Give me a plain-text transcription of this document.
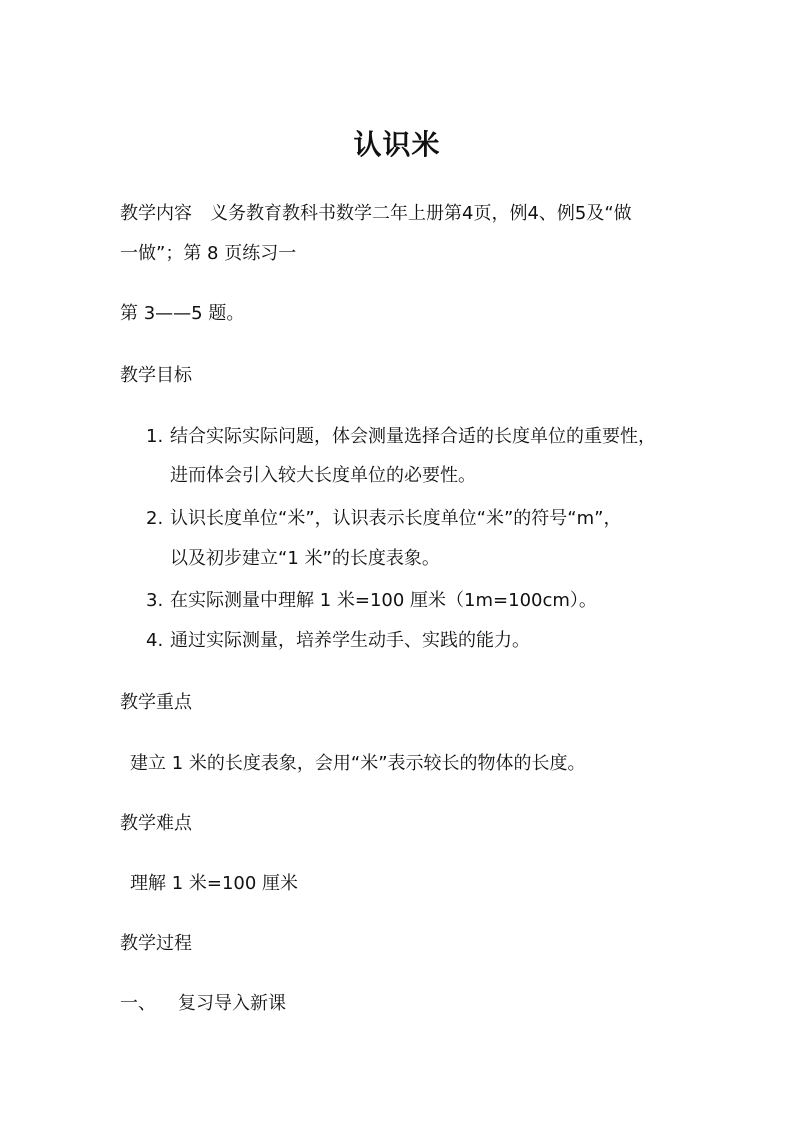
认识米
教学内容　义务教育教科书数学二年上册第4页，例4、例5及“做
一做”；第 8 页练习一
第 3——5 题。
教学目标
1. 结合实际实际问题，体会测量选择合适的长度单位的重要性，
进而体会引入较大长度单位的必要性。
2. 认识长度单位“米”，认识表示长度单位“米”的符号“m”，
以及初步建立“1 米”的长度表象。
3. 在实际测量中理解 1 米=100 厘米（1m=100cm）。
4. 通过实际测量，培养学生动手、实践的能力。
教学重点
建立 1 米的长度表象，会用“米”表示较长的物体的长度。
教学难点
理解 1 米=100 厘米
教学过程
一、 复习导入新课
